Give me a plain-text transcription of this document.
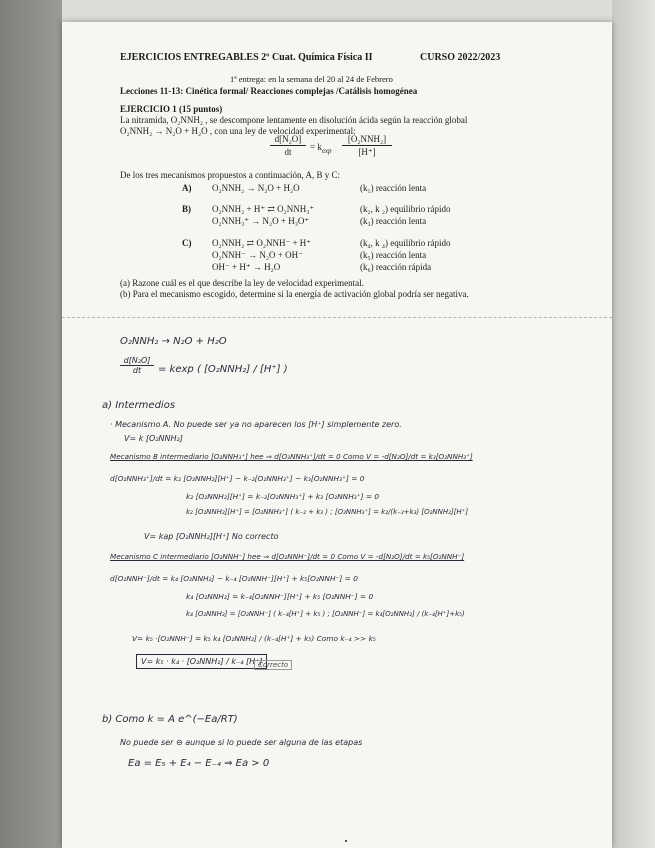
EJERCICIOS ENTREGABLES 2º Cuat. Química Física II	CURSO 2022/2023
1ª entrega: en la semana del 20 al 24 de Febrero
Lecciones 11-13: Cinética formal/ Reacciones complejas /Catálisis homogénea
EJERCICIO 1 (15 puntos)
La nitramida, O₂NNH₂ , se descompone lentamente en disolución ácida según la reacción global
O₂NNH₂ → N₂O + H₂O , con una ley de velocidad experimental:
d[N₂O]
dt	= $k_{exp}$
[O₂NNH₂]
[H⁺]
De los tres mecanismos propuestos a continuación, A, B y C:
A) O₂NNH₂ → N₂O + H₂O	(k₁) reacción lenta
B) O₂NNH₂ + H⁺ ⇄ O₂NNH₃⁺	(k₂, k ₂) equilibrio rápido
O₂NNH₃⁺ → N₂O + H₃O⁺	(k₃) reacción lenta
C) O₂NNH₂ ⇄ O₂NNH⁻ + H⁺	(k₄, k ₄) equilibrio rápido
O₂NNH⁻ → N₂O + OH⁻	(k₅) reacción lenta
OH⁻ + H⁺ → H₂O	(k₆) reacción rápida
(a) Razone cuál es el que describe la ley de velocidad experimental.
(b) Para el mecanismo escogido, determine si la energía de activación global podría ser negativa.
O₂NNH₂ → N₂O + H₂O
d[N₂O]
dt	= kexp ( [O₂NNH₂] / [H⁺] )
a) Intermedios
· Mecanismo A. No puede ser ya no aparecen los [H⁺] simplemente zero.
V= k [O₂NNH₂]
Mecanismo B intermediario [O₂NNH₃⁺] hee ⇒ d[O₂NNH₃⁺]/dt = 0 Como V = -d[N₂O]/dt = k₃[O₂NNH₃⁺]
d[O₂NNH₃⁺]/dt = k₂ [O₂NNH₂][H⁺] − k₋₂[O₂NNH₃⁺] − k₃[O₂NNH₃⁺] = 0
k₂ [O₂NNH₂][H⁺] = k₋₂[O₂NNH₃⁺] + k₃ [O₂NNH₃⁺] = 0
k₂ [O₂NNH₂][H⁺] = [O₂NNH₃⁺] ( k₋₂ + k₃ ) ; [O₂NNH₃⁺] = k₂/(k₋₂+k₃) [O₂NNH₂][H⁺]
V= kap [O₂NNH₂][H⁺] No correcto
Mecanismo C intermediario [O₂NNH⁻] hee ⇒ d[O₂NNH⁻]/dt = 0 Como V = -d[N₂O]/dt = k₅[O₂NNH⁻]
d[O₂NNH⁻]/dt = k₄ [O₂NNH₂] − k₋₄ [O₂NNH⁻][H⁺] + k₅[O₂NNH⁻] = 0
k₄ [O₂NNH₂] = k₋₄[O₂NNH⁻][H⁺] + k₅ [O₂NNH⁻] = 0
k₄ [O₂NNH₂] = [O₂NNH⁻] ( k₋₄[H⁺] + k₅ ) ; [O₂NNH⁻] = k₄[O₂NNH₂] / (k₋₄[H⁺]+k₅)
V= k₅ ·[O₂NNH⁻] = k₅ k₄ [O₂NNH₂] / (k₋₄[H⁺] + k₅) Como k₋₄ >> k₅
V= k₅ · k₄ · [O₂NNH₂] / k₋₄ [H⁺]
Correcto
b) Como k = A e^(−Ea/RT)
No puede ser ⊖ aunque si lo puede ser alguna de las etapas
Ea = E₅ + E₄ − E₋₄ ⇒ Ea > 0
